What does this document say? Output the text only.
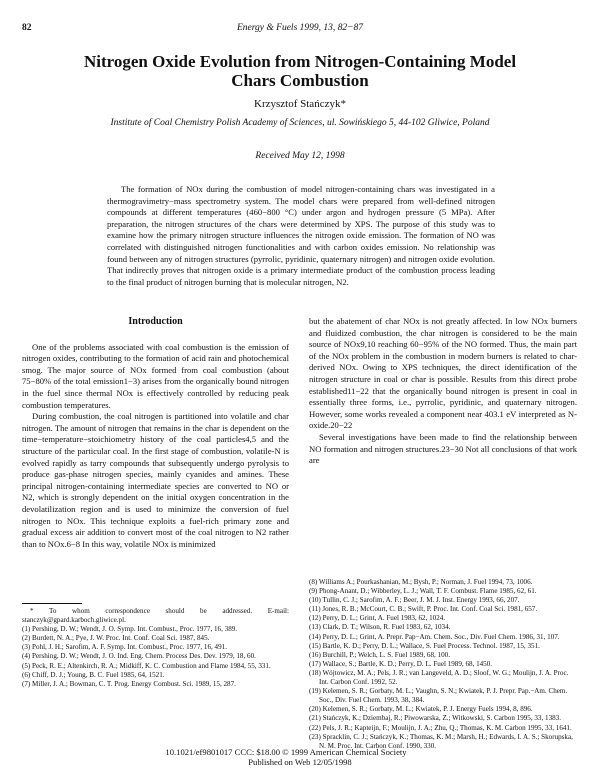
82	Energy & Fuels 1999, 13, 82−87
Nitrogen Oxide Evolution from Nitrogen-Containing Model Chars Combustion
Krzysztof Stańczyk*
Institute of Coal Chemistry Polish Academy of Sciences, ul. Sowińskiego 5, 44-102 Gliwice, Poland
Received May 12, 1998
The formation of NOx during the combustion of model nitrogen-containing chars was investigated in a thermogravimetry−mass spectrometry system. The model chars were prepared from well-defined nitrogen compounds at different temperatures (460−800 °C) under argon and hydrogen pressure (5 MPa). After preparation, the nitrogen structures of the chars were determined by XPS. The purpose of this study was to examine how the primary nitrogen structure influences the nitrogen oxide emission. The formation of NO was correlated with distinguished nitrogen functionalities and with carbon oxides emission. No relationship was found between any of nitrogen structures (pyrrolic, pyridinic, quaternary nitrogen) and nitrogen oxide evolution. That indirectly proves that nitrogen oxide is a primary intermediate product of the combustion process leading to the final product of nitrogen burning that is molecular nitrogen, N2.
Introduction

One of the problems associated with coal combustion is the emission of nitrogen oxides, contributing to the formation of acid rain and photochemical smog. The major source of NOx formed from coal combustion (about 75−80% of the total emission1−3) arises from the organically bound nitrogen in the fuel since thermal NOx is effectively controlled by reducing peak combustion temperatures.

During combustion, the coal nitrogen is partitioned into volatile and char nitrogen. The amount of nitrogen that remains in the char is dependent on the time−temperature−stoichiometry history of the coal particles4,5 and the structure of the particular coal. In the first stage of combustion, volatile-N is evolved rapidly as tarry compounds that subsequently undergo pyrolysis to produce gas-phase nitrogen species, mainly cyanides and amines. These principal nitrogen-containing intermediate species are converted to NO or N2, which is strongly dependent on the initial oxygen concentration in the devolatilization region and is used to minimize the conversion of fuel nitrogen to NOx. This technique exploits a fuel-rich primary zone and gradual excess air addition to convert most of the coal nitrogen to N2 rather than to NOx.6−8 In this way, volatile NOx is minimized

but the abatement of char NOx is not greatly affected. In low NOx burners and fluidized combustion, the char nitrogen is considered to be the main source of NOx9,10 reaching 60−95% of the NO formed. Thus, the main part of the NOx problem in the combustion in modern burners is related to char-derived NOx. Owing to XPS techniques, the direct identification of the nitrogen structure in coal or char is possible. Results from this direct probe established11−22 that the organically bound nitrogen is present in coal in essentially three forms, i.e., pyrrolic, pyridinic, and quaternary nitrogen. However, some works revealed a component near 403.1 eV interpreted as N-oxide.20−22

Several investigations have been made to find the relationship between NO formation and nitrogen structures.23−30 Not all conclusions of that work are

* To whom correspondence should be addressed. E-mail: stanczyk@gpard.karboch.gliwice.pl.

(1) Pershing, D. W.; Wendt, J. O. Symp. Int. Combust., Proc. 1977, 16, 389.

(2) Burdett, N. A.; Pye, J. W. Proc. Int. Conf. Coal Sci. 1987, 845.

(3) Pohl, J. H.; Sarofim, A. F. Symp. Int. Combust., Proc. 1977, 16, 491.

(4) Pershing, D. W.; Wendt, J. O. Ind. Eng. Chem. Process Des. Dev. 1979, 18, 60.

(5) Peck, R. E.; Altenkirch, R. A.; Midkiff, K. C. Combustion and Flame 1984, 55, 331.

(6) Chiff, D. J.; Young, B. C. Fuel 1985, 64, 1521.

(7) Miller, J. A.; Bowman, C. T. Prog. Energy Combust. Sci. 1989, 15, 287.

(8) Williams A.; Pourkashanian, M.; Bysh, P.; Norman, J. Fuel 1994, 73, 1006.

(9) Phong-Anant, D.; Wibberley, L. J.; Wall, T. F. Combust. Flame 1985, 62, 61.

(10) Tullin, C. J.; Sarofim, A. F.; Beer, J. M. J. Inst. Energy 1993, 66, 207.

(11) Jones, R. B.; McCourt, C. B.; Swift, P. Proc. Int. Conf. Coal Sci. 1981, 657.

(12) Perry, D. L.; Grint, A. Fuel 1983, 62, 1024.

(13) Clark, D. T.; Wilson, R. Fuel 1983, 62, 1034.

(14) Perry, D. L.; Grint, A. Prepr. Pap−Am. Chem. Soc., Div. Fuel Chem. 1986, 31, 107.

(15) Bartle, K. D.; Perry, D. L.; Wallace, S. Fuel Process. Technol. 1987, 15, 351.

(16) Burchill, P.; Welch, L. S. Fuel 1989, 68, 100.

(17) Wallace, S.; Bartle, K. D.; Perry, D. L. Fuel 1989, 68, 1450.

(18) Wójtowicz, M. A.; Pels, J. R.; van Langeveld, A. D.; Sloof, W. G.; Moulijn, J. A. Proc. Int. Carbon Conf. 1992, 52.

(19) Kelemen, S. R.; Gorbaty, M. L.; Vaughn, S. N.; Kwiatek, P. J. Prepr. Pap.−Am. Chem. Soc., Div. Fuel Chem. 1993, 38, 384.

(20) Kelemen, S. R.; Gorbaty, M. L.; Kwiatek, P. J. Energy Fuels 1994, 8, 896.

(21) Stańczyk, K.; Dziembaj, R.; Piwowarska, Z.; Witkowski, S. Carbon 1995, 33, 1383.

(22) Pels, J. R.; Kapteijn, F.; Moulijn, J. A.; Zhu, Q.; Thomas, K. M. Carbon 1995, 33, 1641.

(23) Spracklin, C. J.; Stańczyk, K.; Thomas, K. M.; Marsh, H.; Edwards, I. A. S.; Skorupska, N. M. Proc. Int. Carbon Conf. 1990, 330.

10.1021/ef9801017 CCC: $18.00 © 1999 American Chemical Society
Published on Web 12/05/1998
